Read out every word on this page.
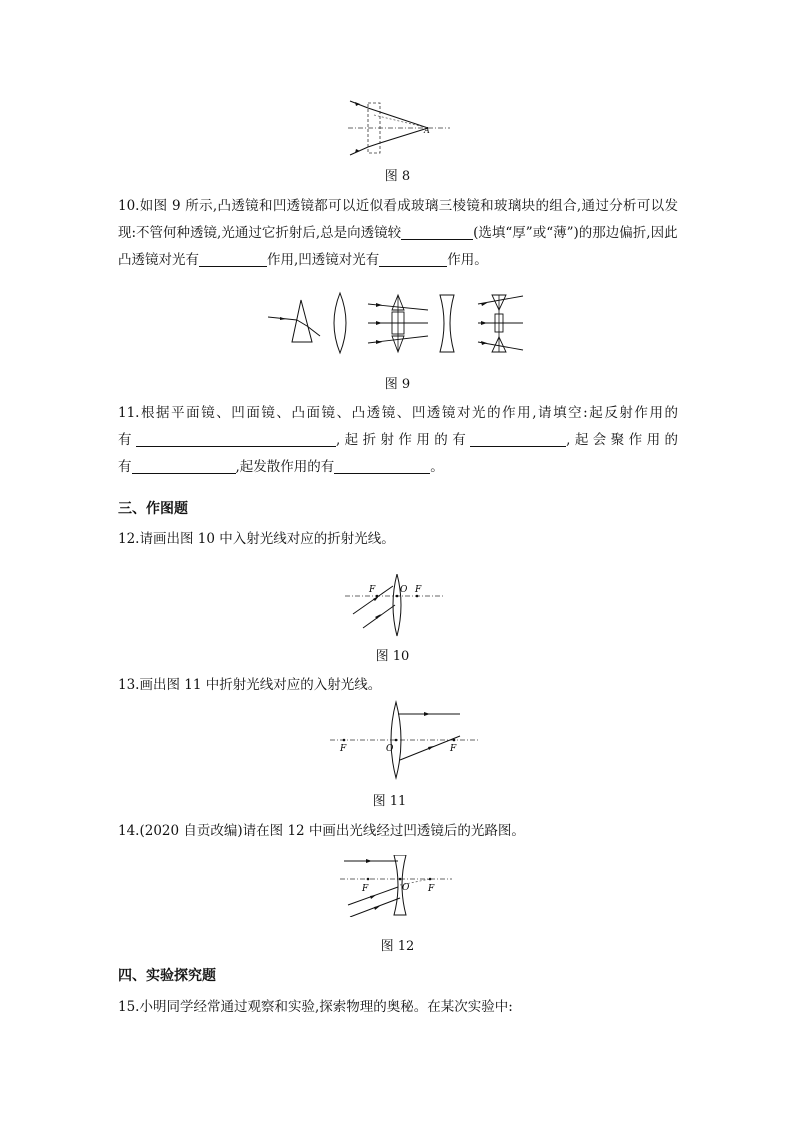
A
图 8
10.如图 9 所示,凸透镜和凹透镜都可以近似看成玻璃三棱镜和玻璃块的组合,通过分析可以发
现:不管何种透镜,光通过它折射后,总是向透镜较	(选填“厚”或“薄”)的那边偏折,因此
凸透镜对光有	作用,凹透镜对光有	作用。
图 9
11.根据平面镜、凹面镜、凸面镜、凸透镜、凹透镜对光的作用,请填空:起反射作用的
有	,起折射作用的有	,起会聚作用的
有	,起发散作用的有	。
三、作图题
12.请画出图 10 中入射光线对应的折射光线。
F	O F
图 10
13.画出图 11 中折射光线对应的入射光线。
F	O	F
图 11
14.(2020 自贡改编)请在图 12 中画出光线经过凹透镜后的光路图。
F	O F
图 12
四、实验探究题
15.小明同学经常通过观察和实验,探索物理的奥秘。在某次实验中:
